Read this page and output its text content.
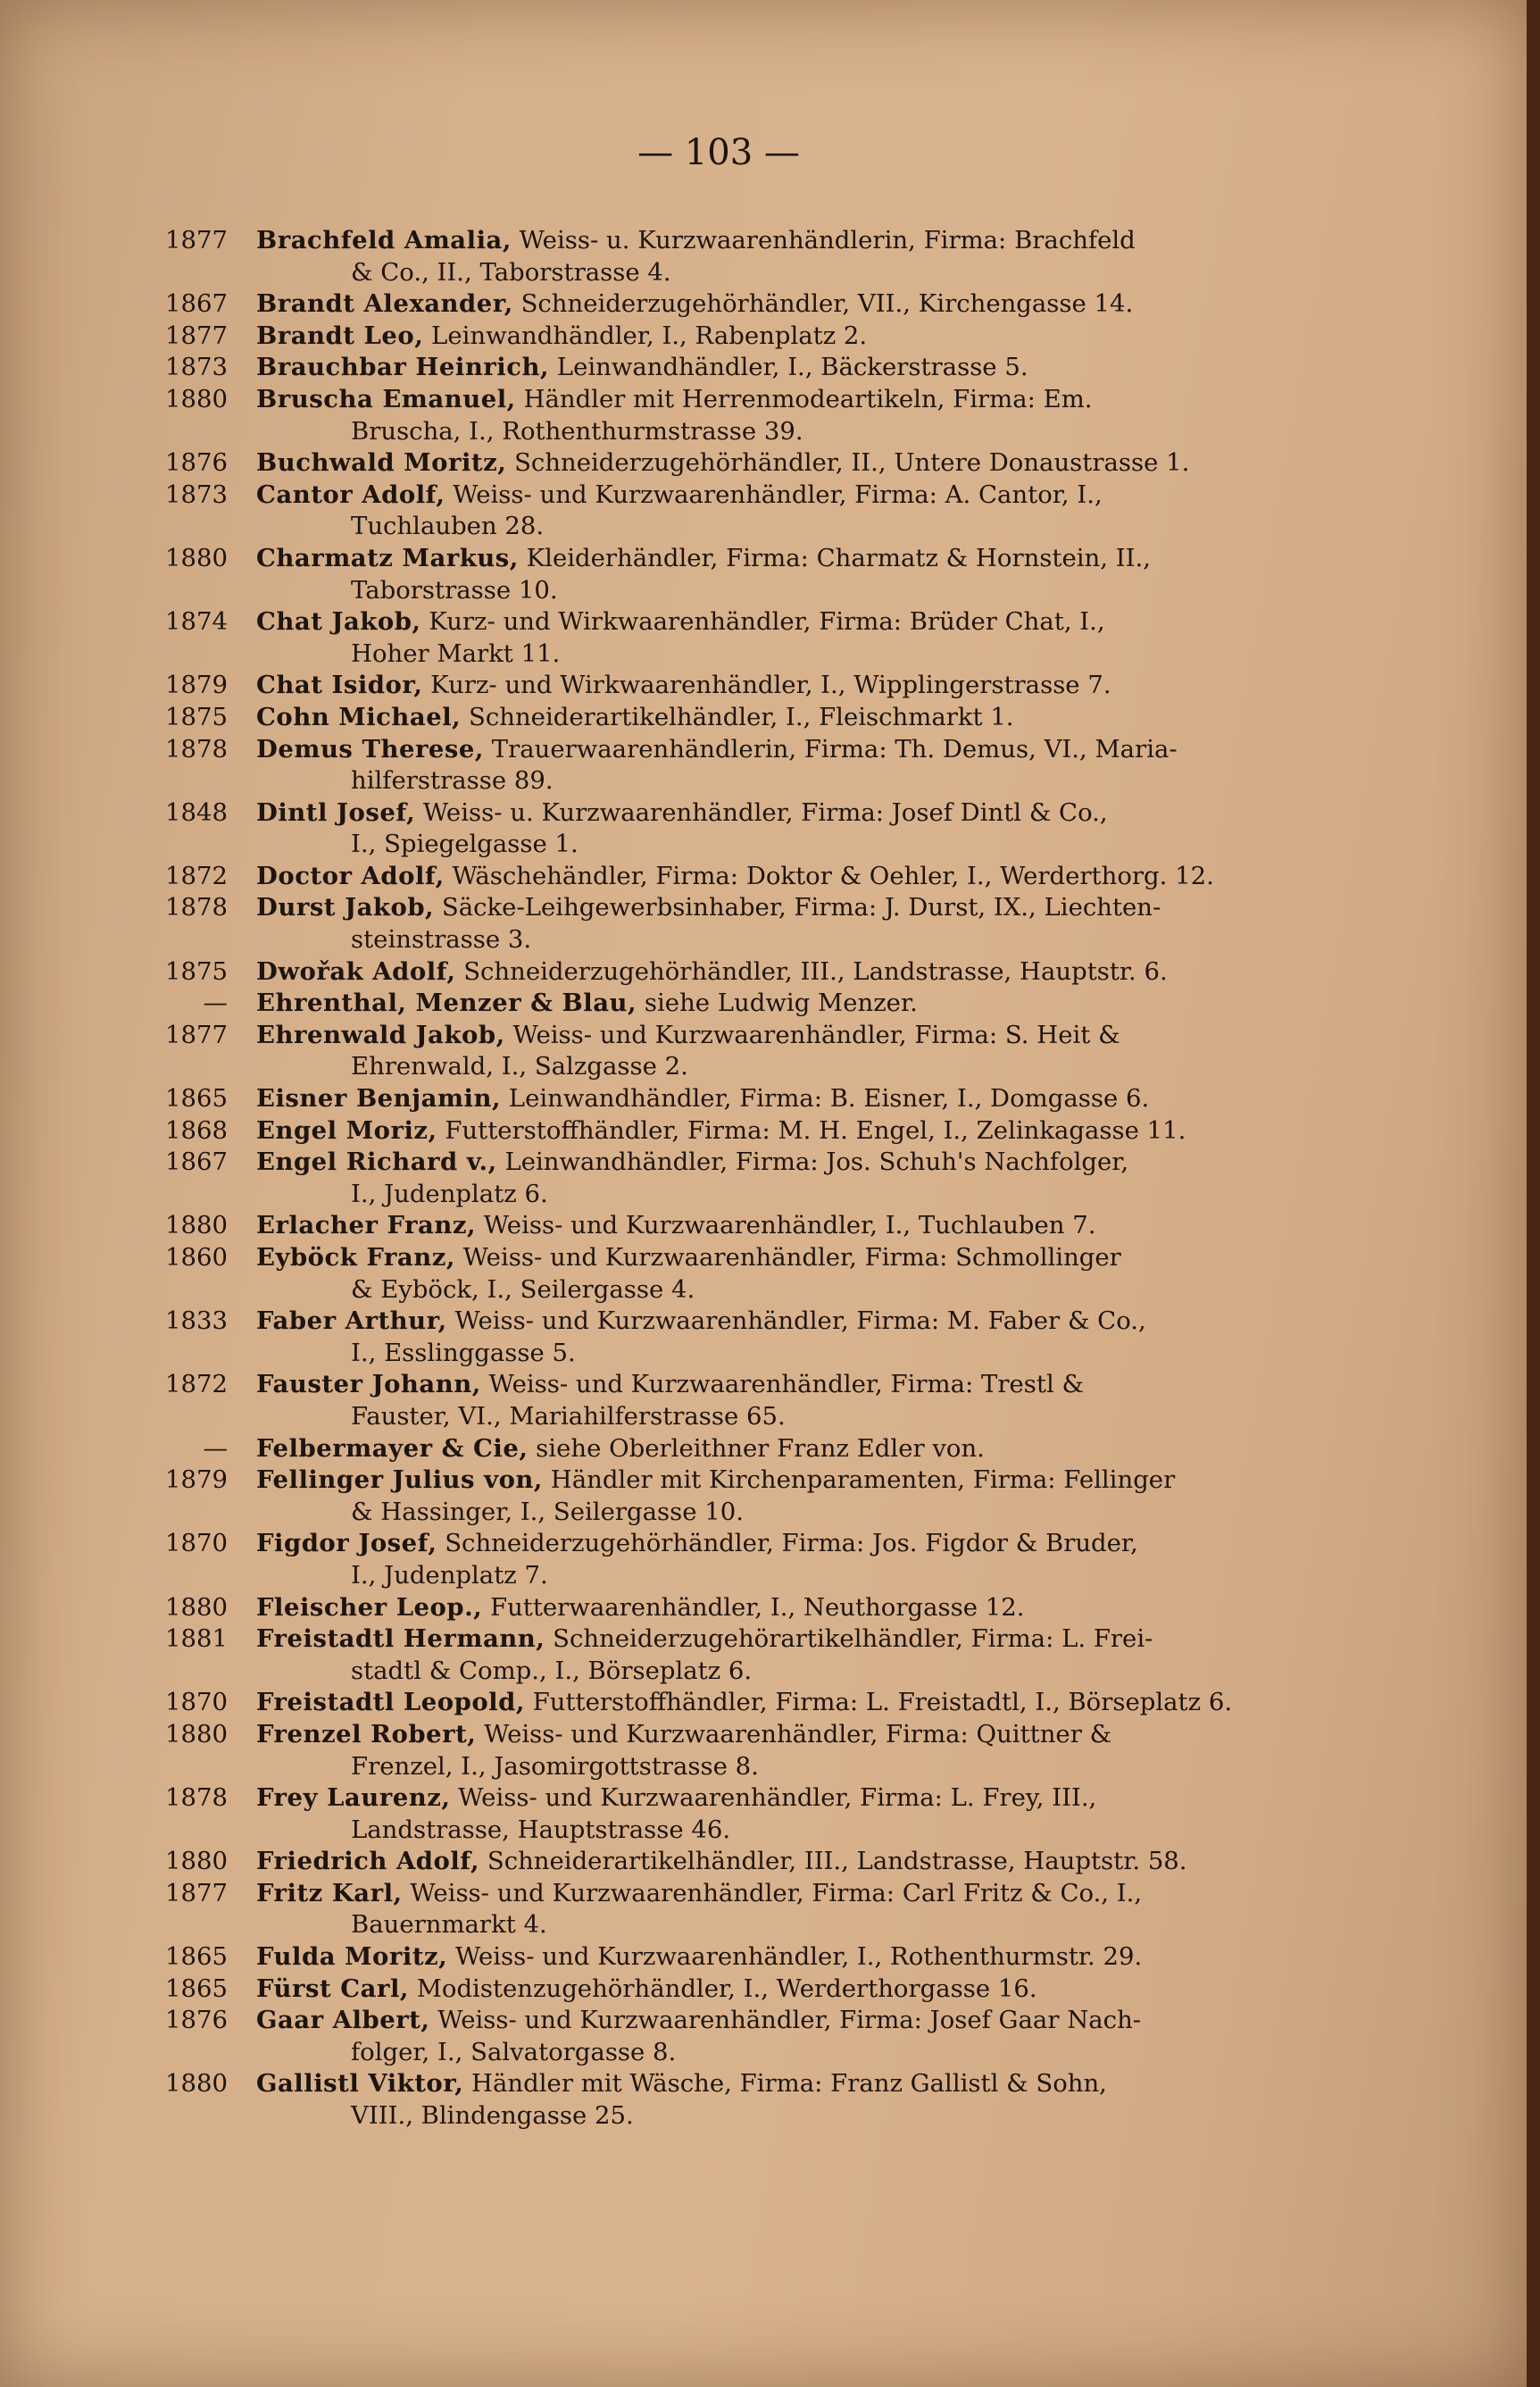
— 103 —
1877	Brachfeld Amalia, Weiss- u. Kurzwaarenhändlerin, Firma: Brachfeld
& Co., II., Taborstrasse 4.
1867	Brandt Alexander, Schneiderzugehörhändler, VII., Kirchengasse 14.
1877	Brandt Leo, Leinwandhändler, I., Rabenplatz 2.
1873	Brauchbar Heinrich, Leinwandhändler, I., Bäckerstrasse 5.
1880	Bruscha Emanuel, Händler mit Herrenmodeartikeln, Firma: Em.
Bruscha, I., Rothenthurmstrasse 39.
1876	Buchwald Moritz, Schneiderzugehörhändler, II., Untere Donaustrasse 1.
1873	Cantor Adolf, Weiss- und Kurzwaarenhändler, Firma: A. Cantor, I.,
Tuchlauben 28.
1880	Charmatz Markus, Kleiderhändler, Firma: Charmatz & Hornstein, II.,
Taborstrasse 10.
1874	Chat Jakob, Kurz- und Wirkwaarenhändler, Firma: Brüder Chat, I.,
Hoher Markt 11.
1879	Chat Isidor, Kurz- und Wirkwaarenhändler, I., Wipplingerstrasse 7.
1875	Cohn Michael, Schneiderartikelhändler, I., Fleischmarkt 1.
1878	Demus Therese, Trauerwaarenhändlerin, Firma: Th. Demus, VI., Maria-
hilferstrasse 89.
1848	Dintl Josef, Weiss- u. Kurzwaarenhändler, Firma: Josef Dintl & Co.,
I., Spiegelgasse 1.
1872	Doctor Adolf, Wäschehändler, Firma: Doktor & Oehler, I., Werderthorg. 12.
1878	Durst Jakob, Säcke-Leihgewerbsinhaber, Firma: J. Durst, IX., Liechten-
steinstrasse 3.
1875	Dwořak Adolf, Schneiderzugehörhändler, III., Landstrasse, Hauptstr. 6.
—	Ehrenthal, Menzer & Blau, siehe Ludwig Menzer.
1877	Ehrenwald Jakob, Weiss- und Kurzwaarenhändler, Firma: S. Heit &
Ehrenwald, I., Salzgasse 2.
1865	Eisner Benjamin, Leinwandhändler, Firma: B. Eisner, I., Domgasse 6.
1868	Engel Moriz, Futterstoffhändler, Firma: M. H. Engel, I., Zelinkagasse 11.
1867	Engel Richard v., Leinwandhändler, Firma: Jos. Schuh's Nachfolger,
I., Judenplatz 6.
1880	Erlacher Franz, Weiss- und Kurzwaarenhändler, I., Tuchlauben 7.
1860	Eyböck Franz, Weiss- und Kurzwaarenhändler, Firma: Schmollinger
& Eyböck, I., Seilergasse 4.
1833	Faber Arthur, Weiss- und Kurzwaarenhändler, Firma: M. Faber & Co.,
I., Esslinggasse 5.
1872	Fauster Johann, Weiss- und Kurzwaarenhändler, Firma: Trestl &
Fauster, VI., Mariahilferstrasse 65.
—	Felbermayer & Cie, siehe Oberleithner Franz Edler von.
1879	Fellinger Julius von, Händler mit Kirchenparamenten, Firma: Fellinger
& Hassinger, I., Seilergasse 10.
1870	Figdor Josef, Schneiderzugehörhändler, Firma: Jos. Figdor & Bruder,
I., Judenplatz 7.
1880	Fleischer Leop., Futterwaarenhändler, I., Neuthorgasse 12.
1881	Freistadtl Hermann, Schneiderzugehörartikelhändler, Firma: L. Frei-
stadtl & Comp., I., Börseplatz 6.
1870	Freistadtl Leopold, Futterstoffhändler, Firma: L. Freistadtl, I., Börseplatz 6.
1880	Frenzel Robert, Weiss- und Kurzwaarenhändler, Firma: Quittner &
Frenzel, I., Jasomirgottstrasse 8.
1878	Frey Laurenz, Weiss- und Kurzwaarenhändler, Firma: L. Frey, III.,
Landstrasse, Hauptstrasse 46.
1880	Friedrich Adolf, Schneiderartikelhändler, III., Landstrasse, Hauptstr. 58.
1877	Fritz Karl, Weiss- und Kurzwaarenhändler, Firma: Carl Fritz & Co., I.,
Bauernmarkt 4.
1865	Fulda Moritz, Weiss- und Kurzwaarenhändler, I., Rothenthurmstr. 29.
1865	Fürst Carl, Modistenzugehörhändler, I., Werderthorgasse 16.
1876	Gaar Albert, Weiss- und Kurzwaarenhändler, Firma: Josef Gaar Nach-
folger, I., Salvatorgasse 8.
1880	Gallistl Viktor, Händler mit Wäsche, Firma: Franz Gallistl & Sohn,
VIII., Blindengasse 25.
